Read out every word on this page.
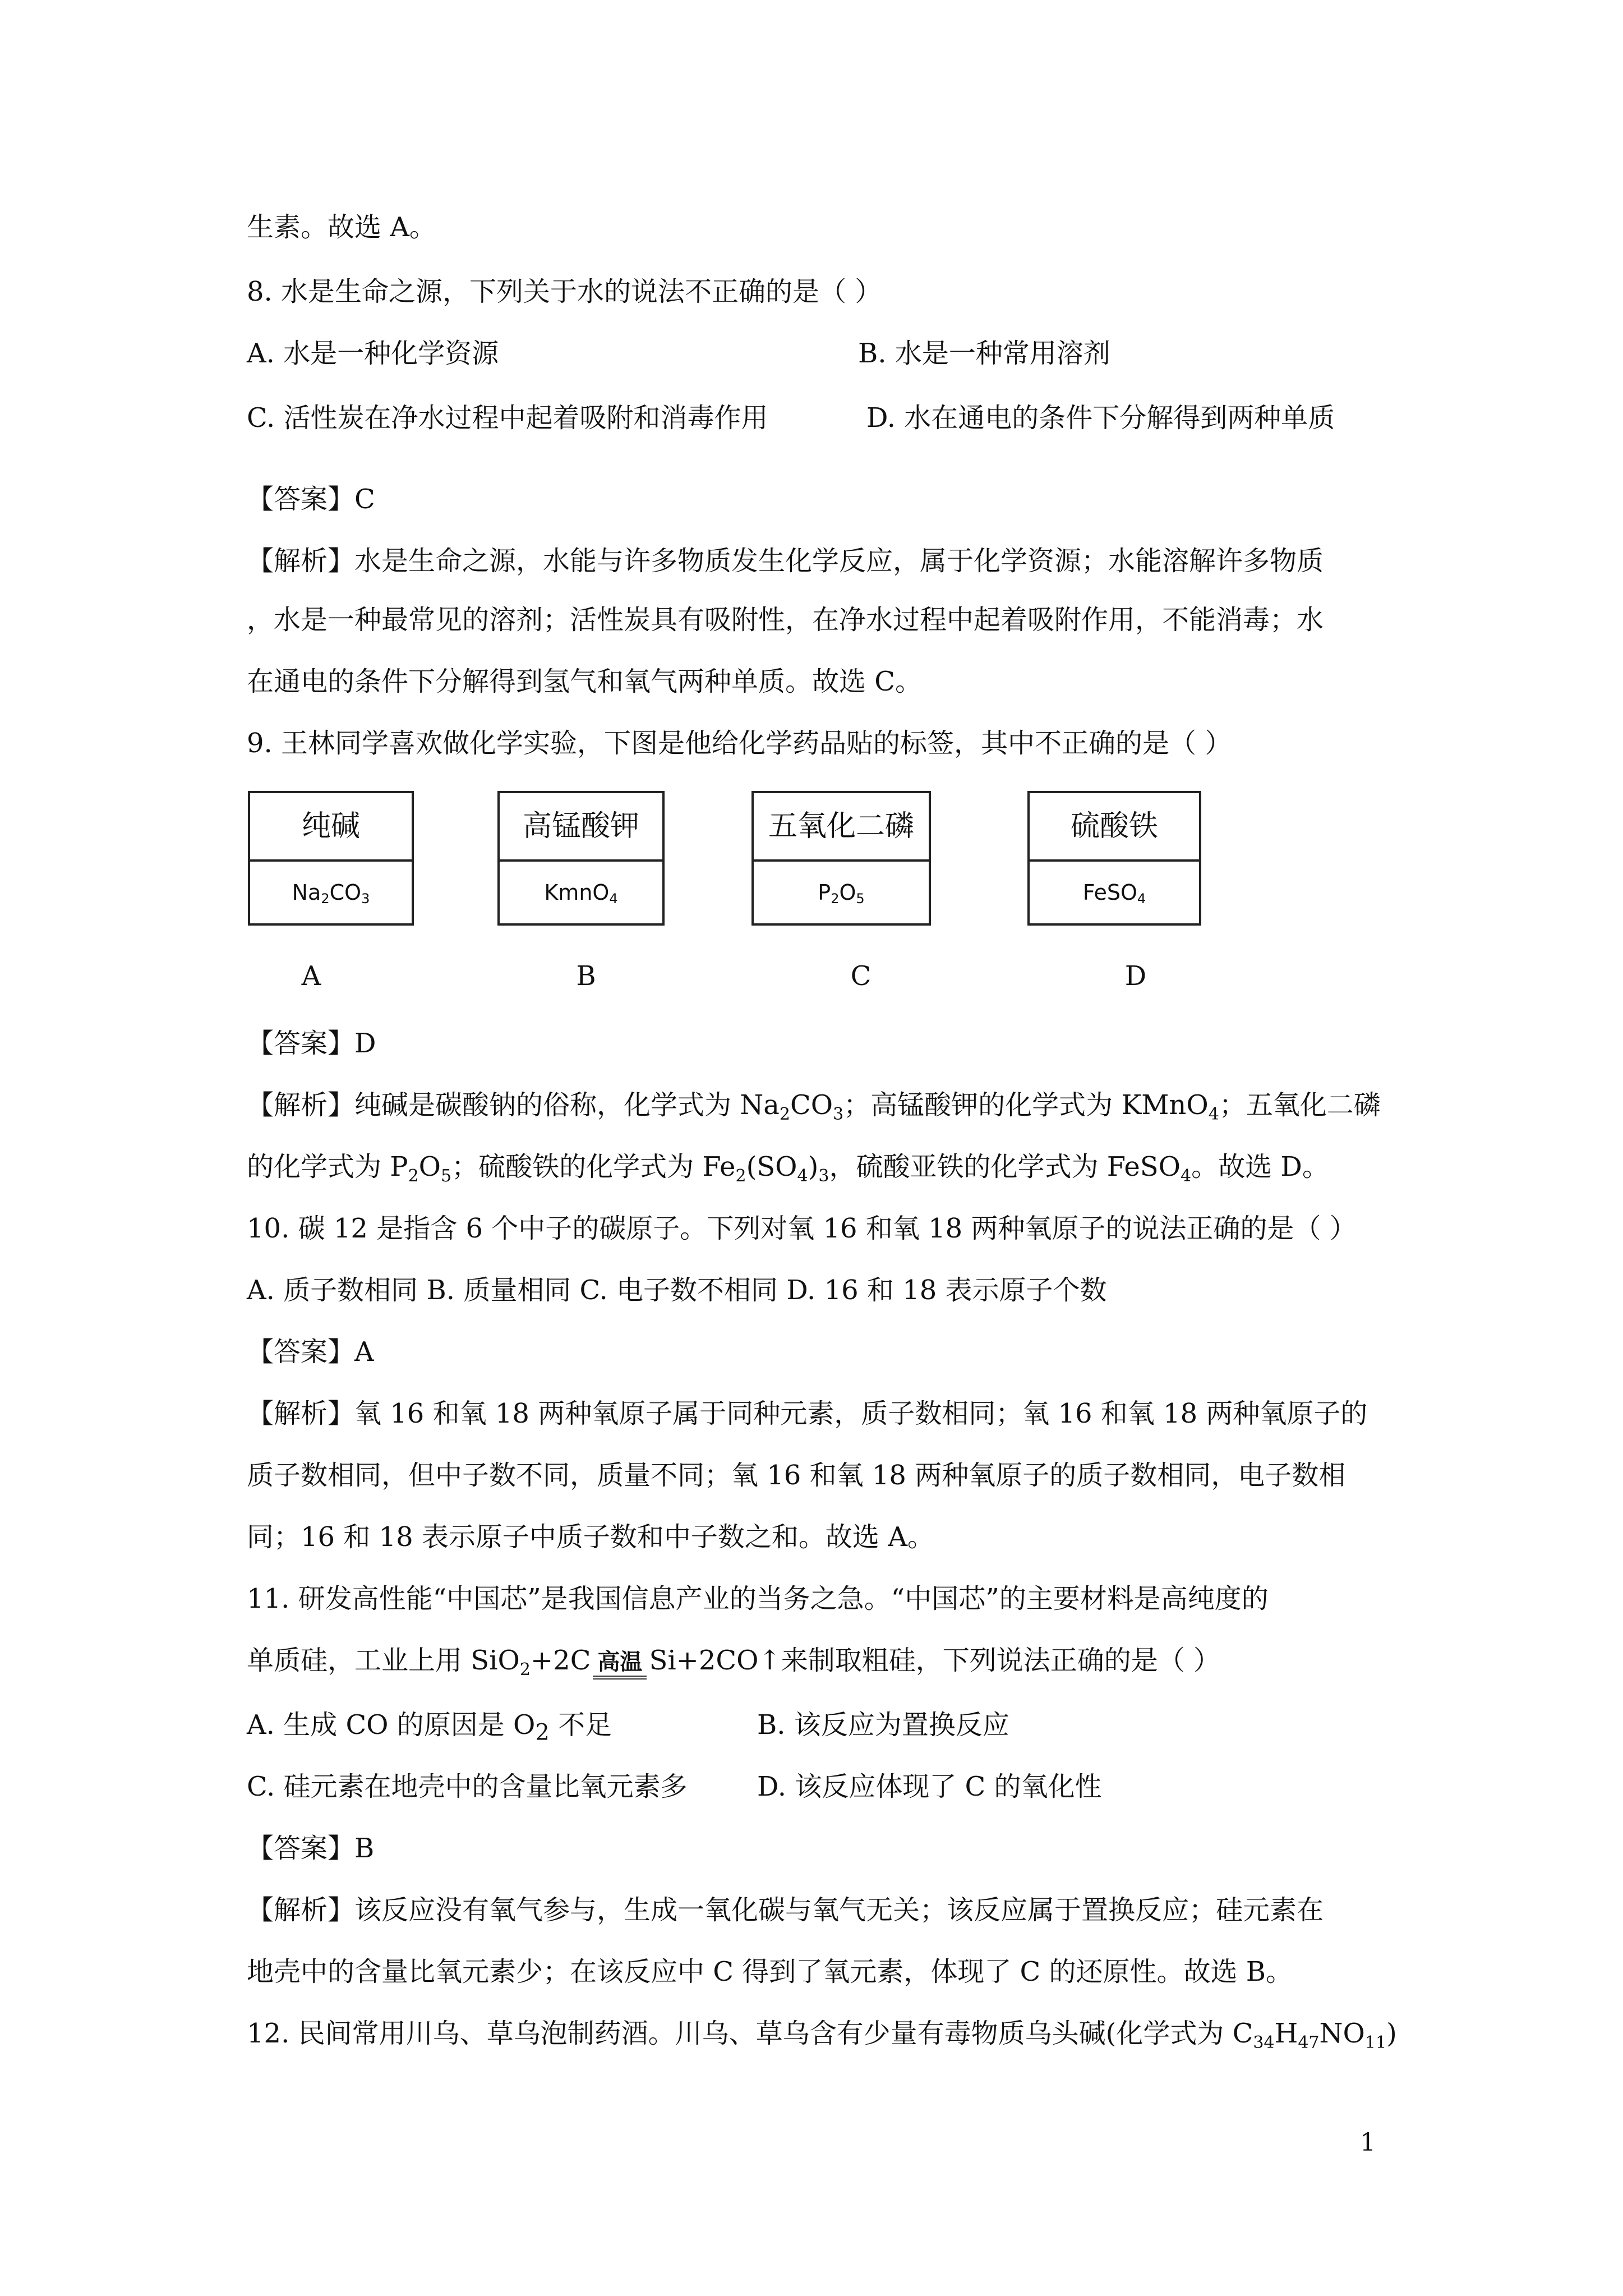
生素。故选 A。
8. 水是生命之源，下列关于水的说法不正确的是（ ）
【答案】C
【解析】水是生命之源，水能与许多物质发生化学反应，属于化学资源；水能溶解许多物质
，水是一种最常见的溶剂；活性炭具有吸附性，在净水过程中起着吸附作用，不能消毒；水
在通电的条件下分解得到氢气和氧气两种单质。故选 C。
9. 王林同学喜欢做化学实验，下图是他给化学药品贴的标签，其中不正确的是（ ）
【答案】D
【解析】纯碱是碳酸钠的俗称，化学式为 $Na_2CO_3$；高锰酸钾的化学式为 KMnO$_4$；五氧化二磷
的化学式为 $P_2O_5$；硫酸铁的化学式为 $Fe_2(SO_4)_3$，硫酸亚铁的化学式为 FeSO$_4$。故选 D。
10. 碳 12 是指含 6 个中子的碳原子。下列对氧 16 和氧 18 两种氧原子的说法正确的是（ ）
A. 质子数相同 B. 质量相同 C. 电子数不相同 D. 16 和 18 表示原子个数
【答案】A
【解析】氧 16 和氧 18 两种氧原子属于同种元素，质子数相同；氧 16 和氧 18 两种氧原子的
质子数相同，但中子数不同，质量不同；氧 16 和氧 18 两种氧原子的质子数相同，电子数相
同；16 和 18 表示原子中质子数和中子数之和。故选 A。
11. 研发高性能“中国芯”是我国信息产业的当务之急。“中国芯”的主要材料是高纯度的
【答案】B
【解析】该反应没有氧气参与，生成一氧化碳与氧气无关；该反应属于置换反应；硅元素在
地壳中的含量比氧元素少；在该反应中 C 得到了氧元素，体现了 C 的还原性。故选 B。
12. 民间常用川乌、草乌泡制药酒。川乌、草乌含有少量有毒物质乌头碱(化学式为 $C_{34}H_{47}NO_{11}$)
A. 水是一种化学资源	B. 水是一种常用溶剂
C. 活性炭在净水过程中起着吸附和消毒作用	D. 水在通电的条件下分解得到两种单质
纯碱
$Na_2CO_3$
高锰酸钾
KmnO$_4$
五氧化二磷
$P_2O_5$
硫酸铁
FeSO$_4$
A	B	C	D
单质硅，工业上用 SiO$_2$+2C 高温 Si+2CO↑来制取粗硅，下列说法正确的是（ ）
A. 生成 CO 的原因是 $O_2$ 不足	B. 该反应为置换反应
C. 硅元素在地壳中的含量比氧元素多	D. 该反应体现了 C 的氧化性
1
